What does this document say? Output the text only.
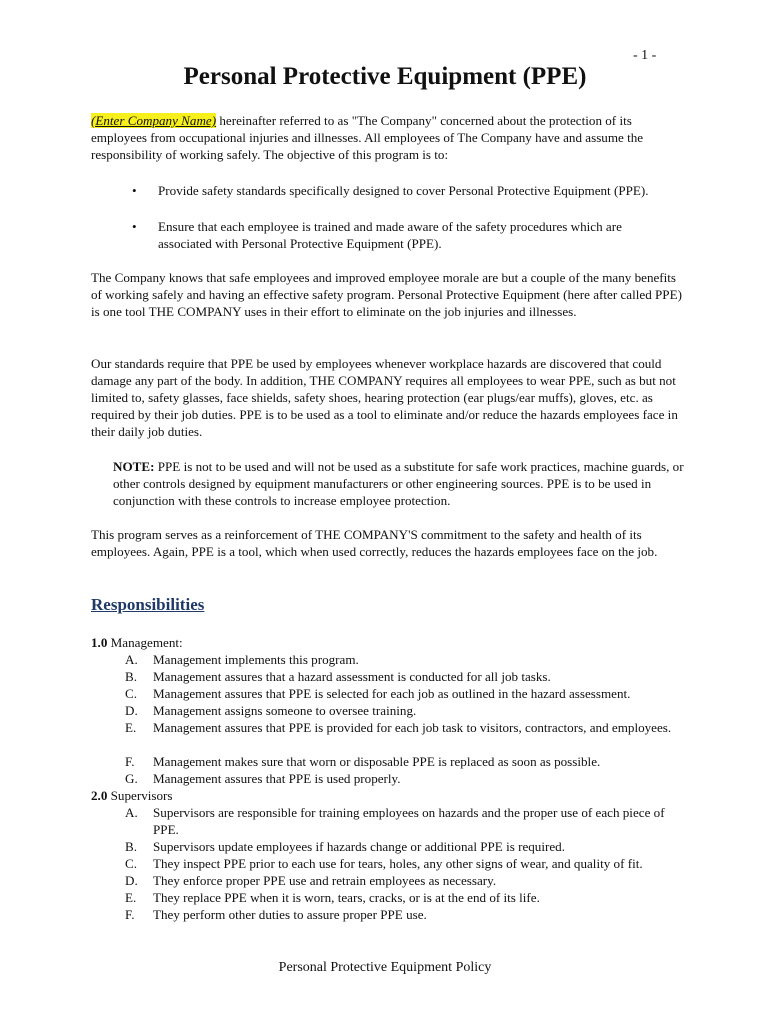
- 1 -
Personal Protective Equipment (PPE)

(Enter Company Name) hereinafter referred to as "The Company" concerned about the protection of its employees from occupational injuries and illnesses. All employees of The Company have and assume the responsibility of working safely. The objective of this program is to:

• Provide safety standards specifically designed to cover Personal Protective Equipment (PPE).
• Ensure that each employee is trained and made aware of the safety procedures which are associated with Personal Protective Equipment (PPE).

The Company knows that safe employees and improved employee morale are but a couple of the many benefits of working safely and having an effective safety program. Personal Protective Equipment (here after called PPE) is one tool THE COMPANY uses in their effort to eliminate on the job injuries and illnesses.

Our standards require that PPE be used by employees whenever workplace hazards are discovered that could damage any part of the body. In addition, THE COMPANY requires all employees to wear PPE, such as but not limited to, safety glasses, face shields, safety shoes, hearing protection (ear plugs/ear muffs), gloves, etc. as required by their job duties. PPE is to be used as a tool to eliminate and/or reduce the hazards employees face in their daily job duties.

NOTE: PPE is not to be used and will not be used as a substitute for safe work practices, machine guards, or other controls designed by equipment manufacturers or other engineering sources. PPE is to be used in conjunction with these controls to increase employee protection.

This program serves as a reinforcement of THE COMPANY'S commitment to the safety and health of its employees. Again, PPE is a tool, which when used correctly, reduces the hazards employees face on the job.

Responsibilities
1.0 Management:
A. Management implements this program.
B. Management assures that a hazard assessment is conducted for all job tasks.
C. Management assures that PPE is selected for each job as outlined in the hazard assessment.
D. Management assigns someone to oversee training.
E. Management assures that PPE is provided for each job task to visitors, contractors, and employees.
F. Management makes sure that worn or disposable PPE is replaced as soon as possible.
G. Management assures that PPE is used properly.
2.0 Supervisors
A. Supervisors are responsible for training employees on hazards and the proper use of each piece of PPE.
B. Supervisors update employees if hazards change or additional PPE is required.
C. They inspect PPE prior to each use for tears, holes, any other signs of wear, and quality of fit.
D. They enforce proper PPE use and retrain employees as necessary.
E. They replace PPE when it is worn, tears, cracks, or is at the end of its life.
F. They perform other duties to assure proper PPE use.
Personal Protective Equipment Policy
